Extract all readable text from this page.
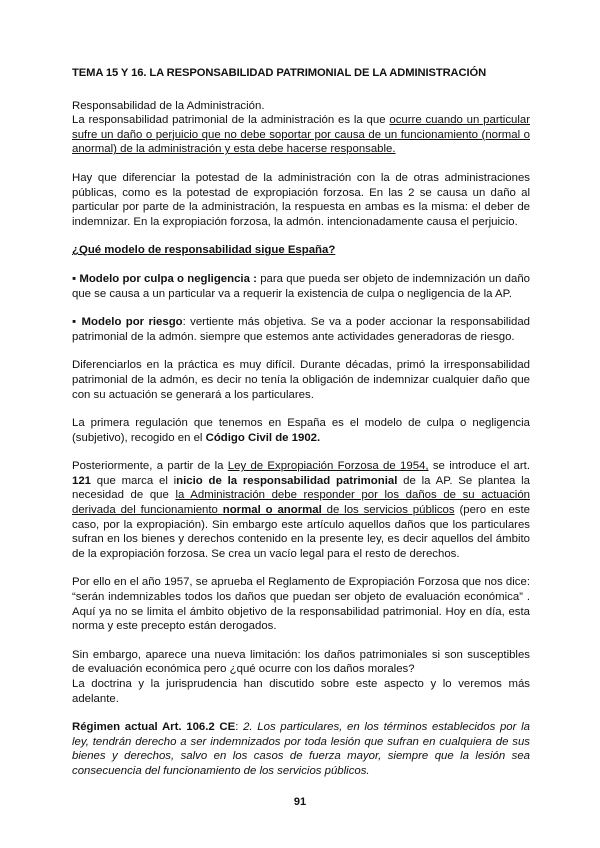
TEMA 15 Y 16. LA RESPONSABILIDAD PATRIMONIAL DE LA ADMINISTRACIÓN

Responsabilidad de la Administración.

La responsabilidad patrimonial de la administración es la que ocurre cuando un particular sufre un daño o perjuicio que no debe soportar por causa de un funcionamiento (normal o anormal) de la administración y esta debe hacerse responsable.

Hay que diferenciar la potestad de la administración con la de otras administraciones públicas, como es la potestad de expropiación forzosa. En las 2 se causa un daño al particular por parte de la administración, la respuesta en ambas es la misma: el deber de indemnizar. En la expropiación forzosa, la admón. intencionadamente causa el perjuicio.

¿Qué modelo de responsabilidad sigue España?

▪ Modelo por culpa o negligencia : para que pueda ser objeto de indemnización un daño que se causa a un particular va a requerir la existencia de culpa o negligencia de la AP.

▪ Modelo por riesgo: vertiente más objetiva. Se va a poder accionar la responsabilidad patrimonial de la admón. siempre que estemos ante actividades generadoras de riesgo.

Diferenciarlos en la práctica es muy difícil. Durante décadas, primó la irresponsabilidad patrimonial de la admón, es decir no tenía la obligación de indemnizar cualquier daño que con su actuación se generará a los particulares.

La primera regulación que tenemos en España es el modelo de culpa o negligencia (subjetivo), recogido en el Código Civil de 1902.

Posteriormente, a partir de la Ley de Expropiación Forzosa de 1954, se introduce el art. 121 que marca el inicio de la responsabilidad patrimonial de la AP. Se plantea la necesidad de que la Administración debe responder por los daños de su actuación derivada del funcionamiento normal o anormal de los servicios públicos (pero en este caso, por la expropiación). Sin embargo este artículo aquellos daños que los particulares sufran en los bienes y derechos contenido en la presente ley, es decir aquellos del ámbito de la expropiación forzosa. Se crea un vacío legal para el resto de derechos.

Por ello en el año 1957, se aprueba el Reglamento de Expropiación Forzosa que nos dice: “serán indemnizables todos los daños que puedan ser objeto de evaluación económica” . Aquí ya no se limita el ámbito objetivo de la responsabilidad patrimonial. Hoy en día, esta norma y este precepto están derogados.

Sin embargo, aparece una nueva limitación: los daños patrimoniales si son susceptibles de evaluación económica pero ¿qué ocurre con los daños morales?

La doctrina y la jurisprudencia han discutido sobre este aspecto y lo veremos más adelante.

Régimen actual Art. 106.2 CE: 2. Los particulares, en los términos establecidos por la ley, tendrán derecho a ser indemnizados por toda lesión que sufran en cualquiera de sus bienes y derechos, salvo en los casos de fuerza mayor, siempre que la lesión sea consecuencia del funcionamiento de los servicios públicos.

91
